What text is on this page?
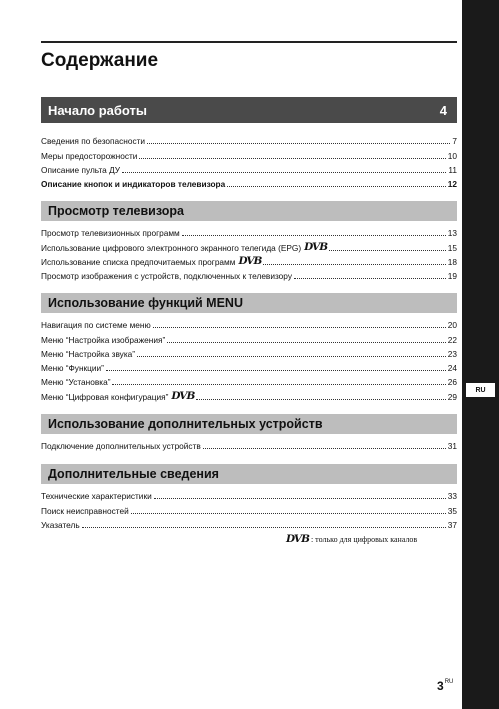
RU
Содержание
Начало работы	4
Сведения по безопасности	7
Меры предосторожности	10
Описание пульта ДУ	11
Описание кнопок и индикаторов телевизора	12
Просмотр телевизора
Просмотр телевизионных программ	13
Использование цифрового электронного экранного телегида (EPG) DVB	15
Использование списка предпочитаемых программ DVB	18
Просмотр изображения с устройств, подключенных к телевизору	19
Использование функций MENU
Навигация по системе меню	20
Меню “Настройка изображения”	22
Меню “Настройка звука”	23
Меню “Функции”	24
Меню “Установка”	26
Меню “Цифровая конфигурация” DVB	29
Использование дополнительных устройств
Подключение дополнительных устройств	31
Дополнительные сведения
Технические характеристики	33
Поиск неисправностей	35
Указатель	37
DVB : только для цифровых каналов
$3^{RU}$
